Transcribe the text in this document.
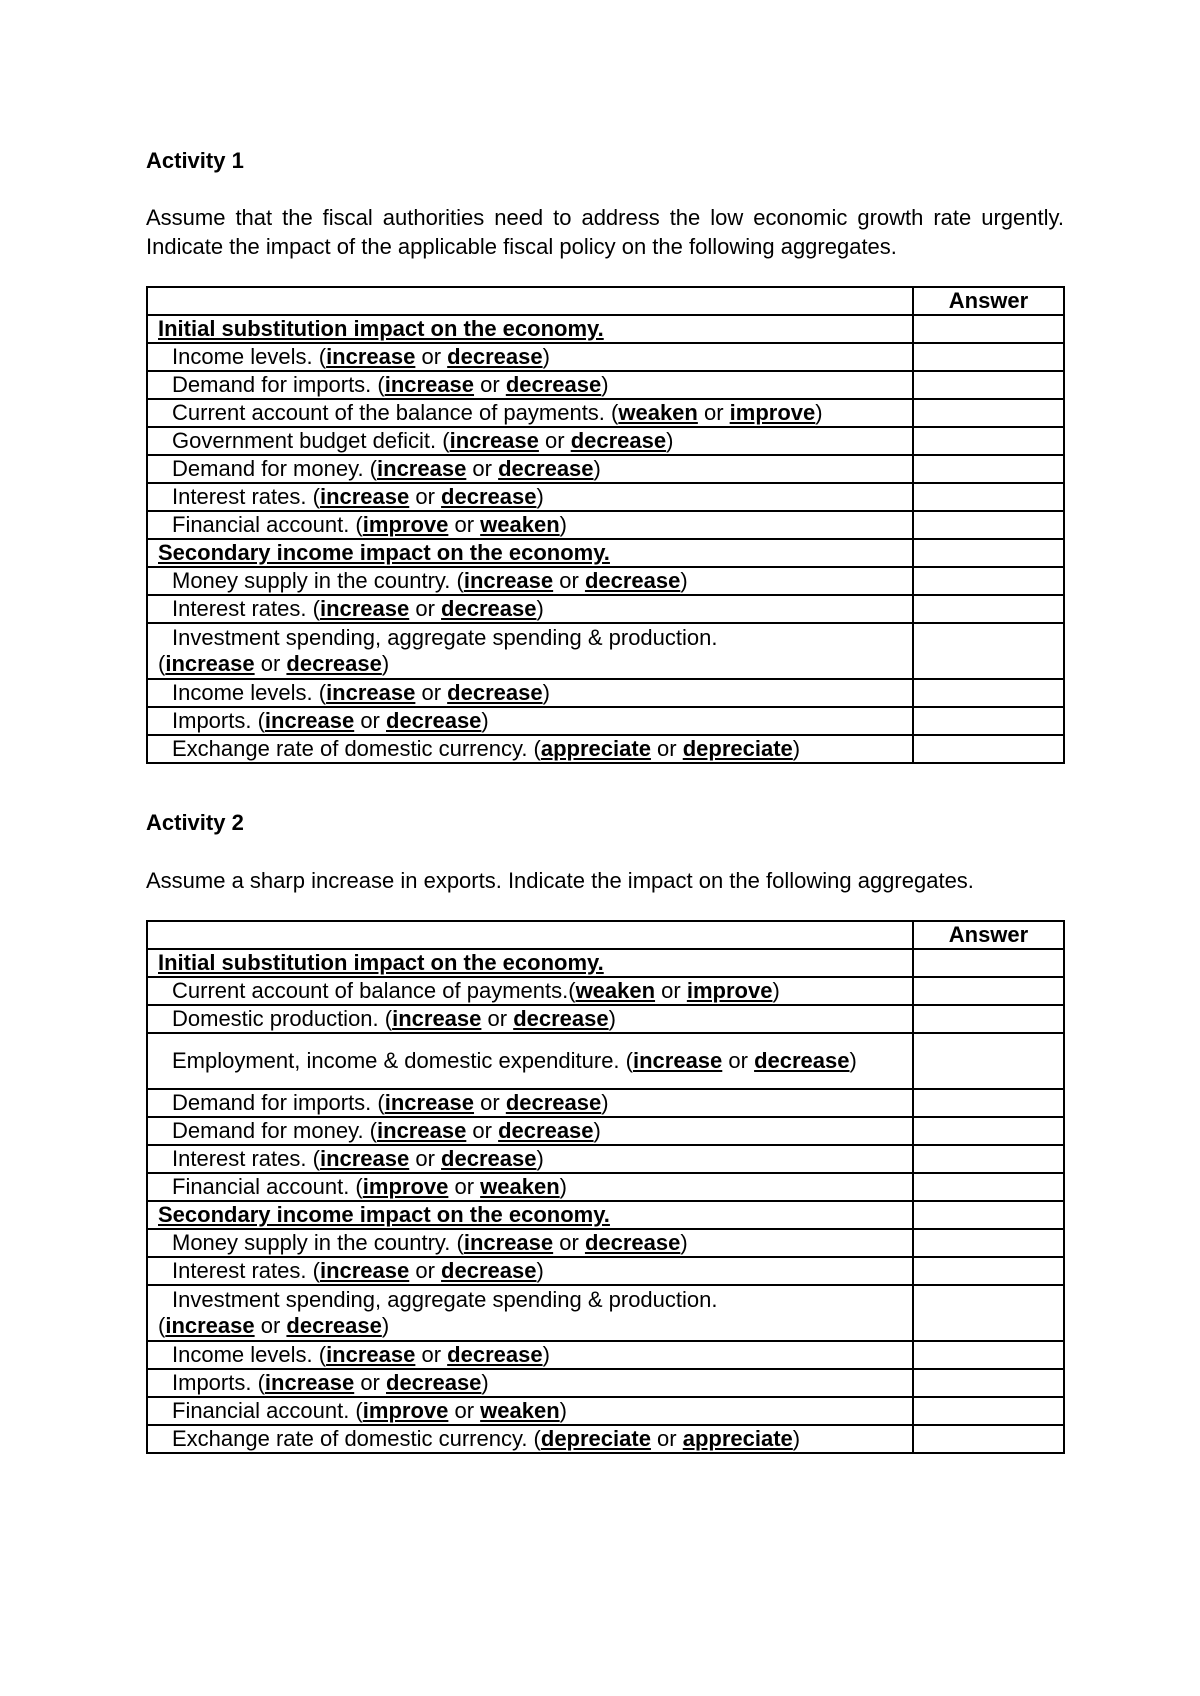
Activity 1

Assume that the fiscal authorities need to address the low economic growth rate urgently. Indicate the impact of the applicable fiscal policy on the following aggregates.

	Answer
Initial substitution impact on the economy.	
Income levels. (increase or decrease)	
Demand for imports. (increase or decrease)	
Current account of the balance of payments. (weaken or improve)	
Government budget deficit. (increase or decrease)	
Demand for money. (increase or decrease)	
Interest rates. (increase or decrease)	
Financial account. (improve or weaken)	
Secondary income impact on the economy.	
Money supply in the country. (increase or decrease)	
Interest rates. (increase or decrease)	

Investment spending, aggregate spending & production.
(increase or decrease)	
Income levels. (increase or decrease)	
Imports. (increase or decrease)	
Exchange rate of domestic currency. (appreciate or depreciate)	
Activity 2

Assume a sharp increase in exports. Indicate the impact on the following aggregates.

	Answer
Initial substitution impact on the economy.	
Current account of balance of payments.(weaken or improve)	
Domestic production. (increase or decrease)	

Employment, income & domestic expenditure. (increase or decrease)	

Demand for imports. (increase or decrease)	
Demand for money. (increase or decrease)	
Interest rates. (increase or decrease)	
Financial account. (improve or weaken)	
Secondary income impact on the economy.	
Money supply in the country. (increase or decrease)	
Interest rates. (increase or decrease)	

Investment spending, aggregate spending & production.
(increase or decrease)	
Income levels. (increase or decrease)	
Imports. (increase or decrease)	
Financial account. (improve or weaken)	
Exchange rate of domestic currency. (depreciate or appreciate)	
